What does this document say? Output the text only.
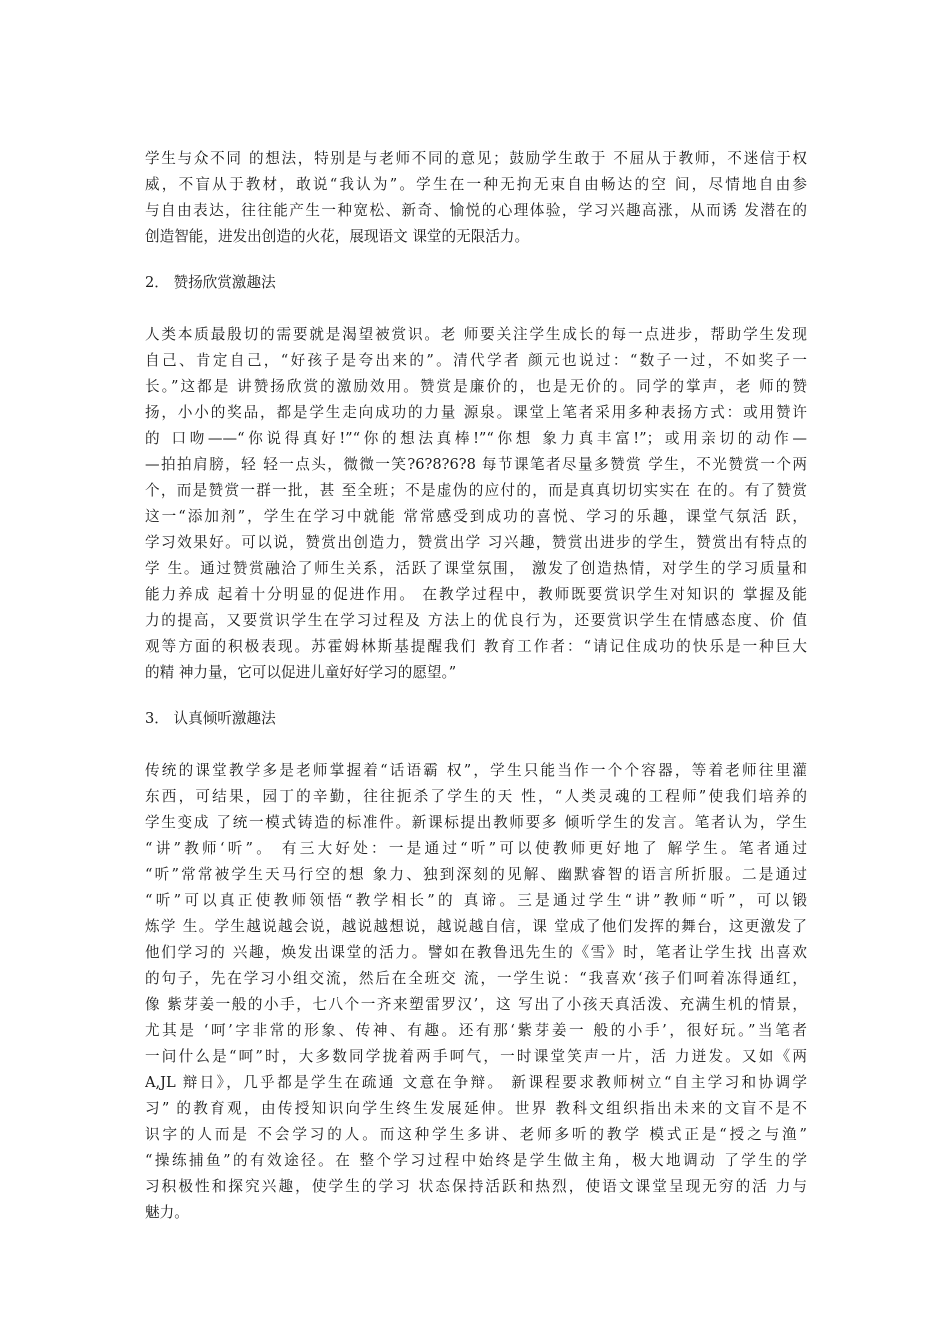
学生与众不同 的想法，特别是与老师不同的意见；鼓励学生敢于 不屈从于教师，不迷信于权
威，不盲从于教材，敢说“我认为”。学生在一种无拘无束自由畅达的空 间，尽情地自由参
与自由表达，往往能产生一种宽松、新奇、愉悦的心理体验，学习兴趣高涨，从而诱 发潜在的
创造智能，进发出创造的火花，展现语文 课堂的无限活力。
2． 赞扬欣赏激趣法
人类本质最殷切的需要就是渴望被赏识。老 师要关注学生成长的每一点进步，帮助学生发现
自己、肯定自己，“好孩子是夸出来的”。清代学者 颜元也说过：“数子一过，不如奖子一
长。”这都是 讲赞扬欣赏的激励效用。赞赏是廉价的，也是无价的。同学的掌声，老 师的赞
扬，小小的奖品，都是学生走向成功的力量 源泉。课堂上笔者采用多种表扬方式：或用赞许
的 口吻——“你说得真好!”“你的想法真棒!”“你想 象力真丰富!”；或用亲切的动作—
—拍拍肩膀，轻 轻一点头，微微一笑?6?8?6?8 每节课笔者尽量多赞赏 学生，不光赞赏一个两
个，而是赞赏一群一批，甚 至全班；不是虚伪的应付的，而是真真切切实实在 在的。有了赞赏
这一“添加剂”，学生在学习中就能 常常感受到成功的喜悦、学习的乐趣，课堂气氛活 跃，
学习效果好。可以说，赞赏出创造力，赞赏出学 习兴趣，赞赏出进步的学生，赞赏出有特点的
学 生。通过赞赏融洽了师生关系，活跃了课堂氛围， 激发了创造热情，对学生的学习质量和
能力养成 起着十分明显的促进作用。 在教学过程中，教师既要赏识学生对知识的 掌握及能
力的提高，又要赏识学生在学习过程及 方法上的优良行为，还要赏识学生在情感态度、价 值
观等方面的积极表现。苏霍姆林斯基提醒我们 教育工作者：“请记住成功的快乐是一种巨大
的精 神力量，它可以促进儿童好好学习的愿望。”
3． 认真倾听激趣法
传统的课堂教学多是老师掌握着“话语霸 权”，学生只能当作一个个容器，等着老师往里灌
东西，可结果，园丁的辛勤，往往扼杀了学生的天 性，“人类灵魂的工程师”使我们培养的
学生变成 了统一模式铸造的标准件。新课标提出教师要多 倾听学生的发言。笔者认为，学生
“讲”教师‘听”。 有三大好处：一是通过“听”可以使教师更好地了 解学生。笔者通过
“听”常常被学生天马行空的想 象力、独到深刻的见解、幽默睿智的语言所折服。二是通过
“听”可以真正使教师领悟“教学相长”的 真谛。三是通过学生“讲”教师“听”，可以锻
炼学 生。学生越说越会说，越说越想说，越说越自信，课 堂成了他们发挥的舞台，这更激发了
他们学习的 兴趣，焕发出课堂的活力。譬如在教鲁迅先生的《雪》时，笔者让学生找 出喜欢
的句子，先在学习小组交流，然后在全班交 流，一学生说：“我喜欢‘孩子们呵着冻得通红，
像 紫芽姜一般的小手，七八个一齐来塑雷罗汉’，这 写出了小孩天真活泼、充满生机的情景，
尤其是 ‘呵’字非常的形象、传神、有趣。还有那‘紫芽姜一 般的小手’，很好玩。”当笔者
一问什么是“呵”时，大多数同学拢着两手呵气，一时课堂笑声一片，活 力迸发。又如《两
A,JL 辩日》，几乎都是学生在疏通 文意在争辩。 新课程要求教师树立“自主学习和协调学
习” 的教育观，由传授知识向学生终生发展延伸。世界 教科文组织指出未来的文盲不是不
识字的人而是 不会学习的人。而这种学生多讲、老师多听的教学 模式正是“授之与渔”
“操练捕鱼”的有效途径。在 整个学习过程中始终是学生做主角，极大地调动 了学生的学
习积极性和探究兴趣，使学生的学习 状态保持活跃和热烈，使语文课堂呈现无穷的活 力与
魅力。
